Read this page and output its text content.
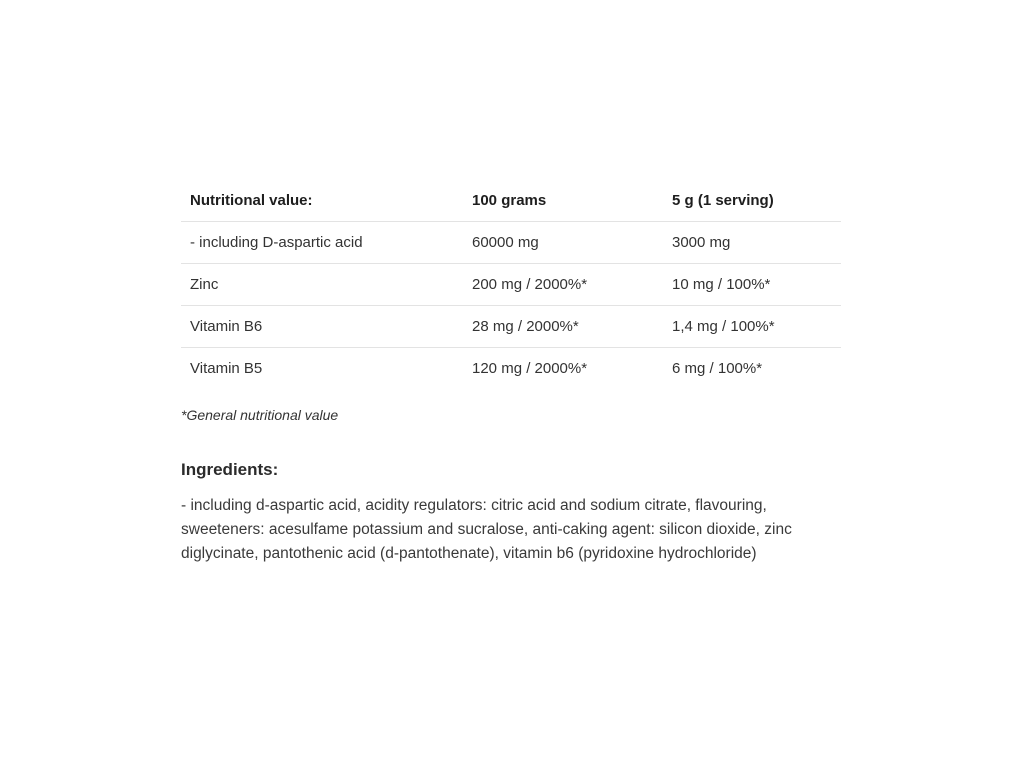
Nutritional value:	100 grams	5 g (1 serving)
- including D-aspartic acid	60000 mg	3000 mg
Zinc	200 mg / 2000%*	10 mg / 100%*
Vitamin B6	28 mg / 2000%*	1,4 mg / 100%*
Vitamin B5	120 mg / 2000%*	6 mg / 100%*
*General nutritional value
Ingredients:
- including d-aspartic acid, acidity regulators: citric acid and sodium citrate, flavouring, sweeteners: acesulfame potassium and sucralose, anti-caking agent: silicon dioxide, zinc diglycinate, pantothenic acid (d-pantothenate), vitamin b6 (pyridoxine hydrochloride)
